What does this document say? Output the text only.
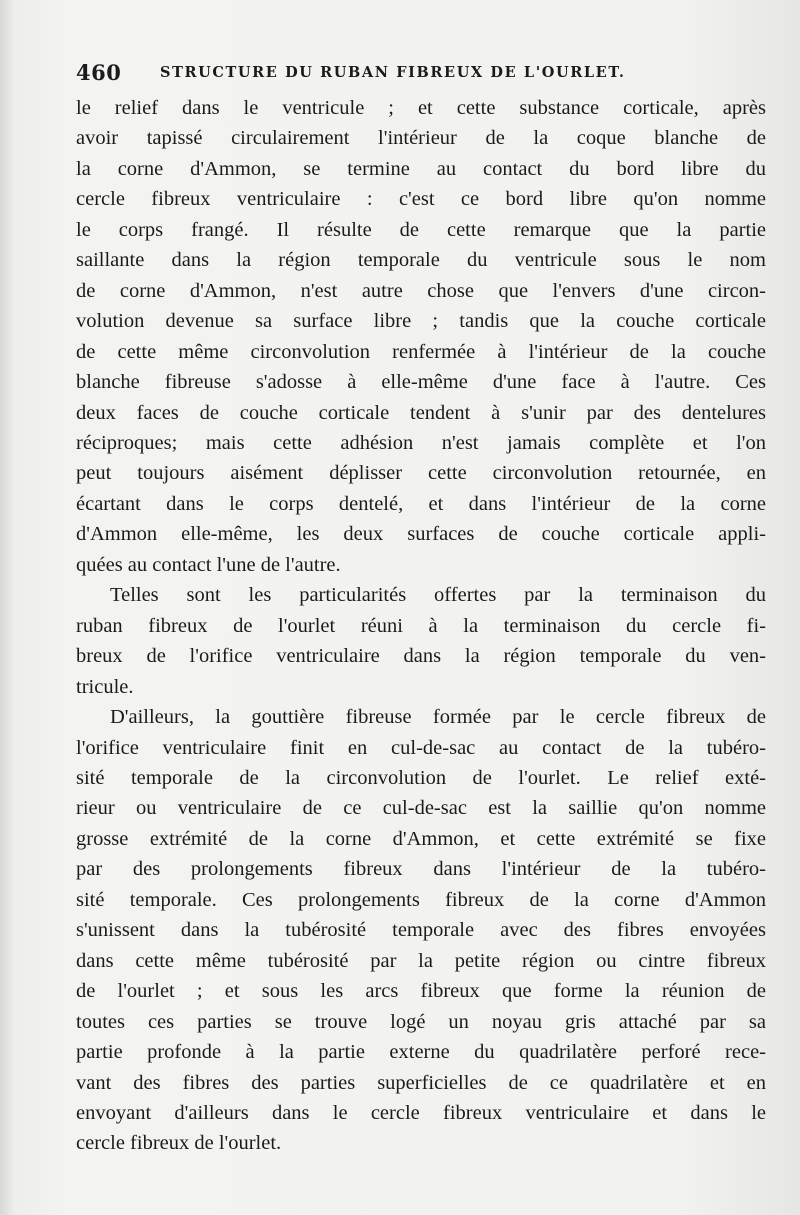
460	STRUCTURE DU RUBAN FIBREUX DE L'OURLET.
le relief dans le ventricule ; et cette substance corticale, après
avoir tapissé circulairement l'intérieur de la coque blanche de
la corne d'Ammon, se termine au contact du bord libre du
cercle fibreux ventriculaire : c'est ce bord libre qu'on nomme
le corps frangé. Il résulte de cette remarque que la partie
saillante dans la région temporale du ventricule sous le nom
de corne d'Ammon, n'est autre chose que l'envers d'une circon-
volution devenue sa surface libre ; tandis que la couche corticale
de cette même circonvolution renfermée à l'intérieur de la couche
blanche fibreuse s'adosse à elle-même d'une face à l'autre. Ces
deux faces de couche corticale tendent à s'unir par des dentelures
réciproques; mais cette adhésion n'est jamais complète et l'on
peut toujours aisément déplisser cette circonvolution retournée, en
écartant dans le corps dentelé, et dans l'intérieur de la corne
d'Ammon elle-même, les deux surfaces de couche corticale appli-
quées au contact l'une de l'autre.
Telles sont les particularités offertes par la terminaison du
ruban fibreux de l'ourlet réuni à la terminaison du cercle fi-
breux de l'orifice ventriculaire dans la région temporale du ven-
tricule.
D'ailleurs, la gouttière fibreuse formée par le cercle fibreux de
l'orifice ventriculaire finit en cul-de-sac au contact de la tubéro-
sité temporale de la circonvolution de l'ourlet. Le relief exté-
rieur ou ventriculaire de ce cul-de-sac est la saillie qu'on nomme
grosse extrémité de la corne d'Ammon, et cette extrémité se fixe
par des prolongements fibreux dans l'intérieur de la tubéro-
sité temporale. Ces prolongements fibreux de la corne d'Ammon
s'unissent dans la tubérosité temporale avec des fibres envoyées
dans cette même tubérosité par la petite région ou cintre fibreux
de l'ourlet ; et sous les arcs fibreux que forme la réunion de
toutes ces parties se trouve logé un noyau gris attaché par sa
partie profonde à la partie externe du quadrilatère perforé rece-
vant des fibres des parties superficielles de ce quadrilatère et en
envoyant d'ailleurs dans le cercle fibreux ventriculaire et dans le
cercle fibreux de l'ourlet.
